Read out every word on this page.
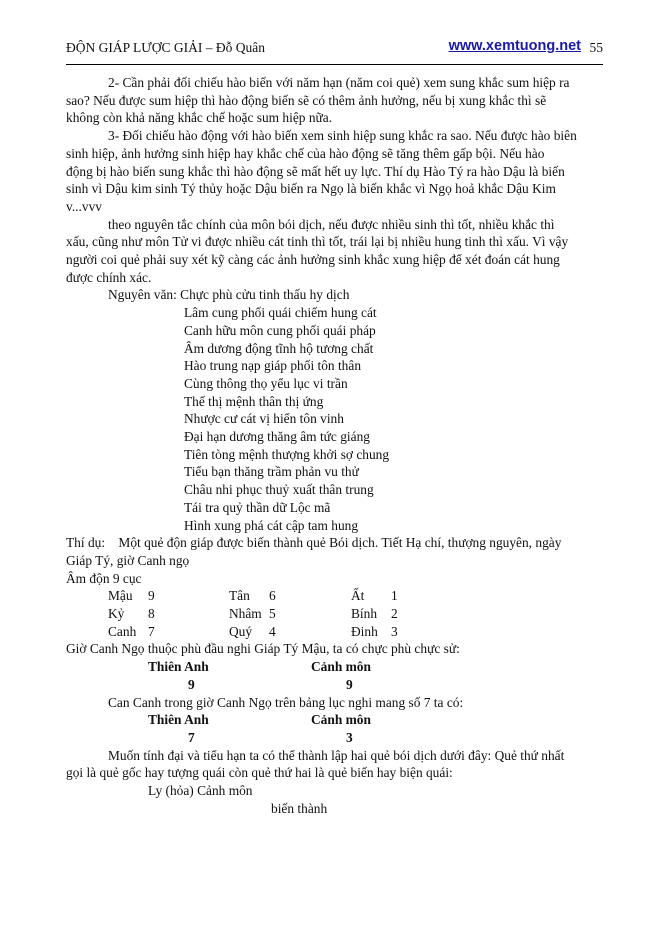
ĐỘN GIÁP LƯỢC GIẢI – Đỗ Quân	www.xemtuong.net 55
2- Cần phải đối chiếu hào biến với năm hạn (năm coi quẻ) xem sung khắc sum hiệp ra
sao? Nếu được sum hiệp thì hào động biến sẽ có thêm ảnh hưởng, nếu bị xung khắc thì sẽ
không còn khả năng khắc chế hoặc sum hiệp nữa.
3- Đối chiếu hào động với hào biến xem sinh hiệp sung khắc ra sao. Nếu được hào biên
sinh hiệp, ảnh hưởng sinh hiệp hay khắc chế của hào động sẽ tăng thêm gấp bội. Nếu hào
động bị hào biến sung khắc thì hào động sẽ mất hết uy lực. Thí dụ Hào Tý ra hào Dậu là biến
sinh vì Dậu kim sinh Tý thủy hoặc Dậu biến ra Ngọ là biến khắc vì Ngọ hoả khắc Dậu Kim
v...vvv
theo nguyên tắc chính của môn bói dịch, nếu được nhiều sinh thì tốt, nhiều khắc thì
xấu, cũng như môn Tử vi được nhiều cát tinh thì tốt, trái lại bị nhiều hung tinh thì xấu. Vì vậy
người coi quẻ phải suy xét kỹ càng các ảnh hưởng sinh khắc xung hiệp để xét đoán cát hung
được chính xác.
Nguyên văn: Chực phù cửu tinh thấu hy dịch
Lâm cung phối quái chiếm hung cát
Canh hữu môn cung phối quái pháp
Âm dương động tĩnh hộ tương chất
Hào trung nạp giáp phối tôn thân
Cùng thông thọ yểu lục vi trần
Thế thị mệnh thân thị ứng
Nhược cư cát vị hiển tôn vinh
Đại hạn dương thăng âm tức giáng
Tiên tòng mệnh thượng khởi sợ chung
Tiểu bạn thăng trầm phản vu thử
Châu nhi phục thuỷ xuất thân trung
Tái tra quỷ thần dữ Lộc mã
Hình xung phá cát cập tam hung
Thí dụ: Một quẻ độn giáp được biến thành quẻ Bói dịch. Tiết Hạ chí, thượng nguyên, ngày
Giáp Tý, giờ Canh ngọ
Âm độn 9 cục
Mậu 9	Tân 6	Ất 1
Kỷ 8	Nhâm 5	Bính 2
Canh 7	Quý 4	Đinh 3
Giờ Canh Ngọ thuộc phù đầu nghi Giáp Tý Mậu, ta có chực phù chực sử:
Thiên Anh	Cảnh môn
9	9
Can Canh trong giờ Canh Ngọ trên bảng lục nghi mang số 7 ta có:
Thiên Anh	Cảnh môn
7	3
Muốn tính đại và tiểu hạn ta có thể thành lập hai quẻ bói dịch dưới đây: Quẻ thứ nhất
gọi là quẻ gốc hay tượng quái còn quẻ thứ hai là quẻ biến hay biện quái:
Ly (hỏa) Cảnh môn
biến thành
